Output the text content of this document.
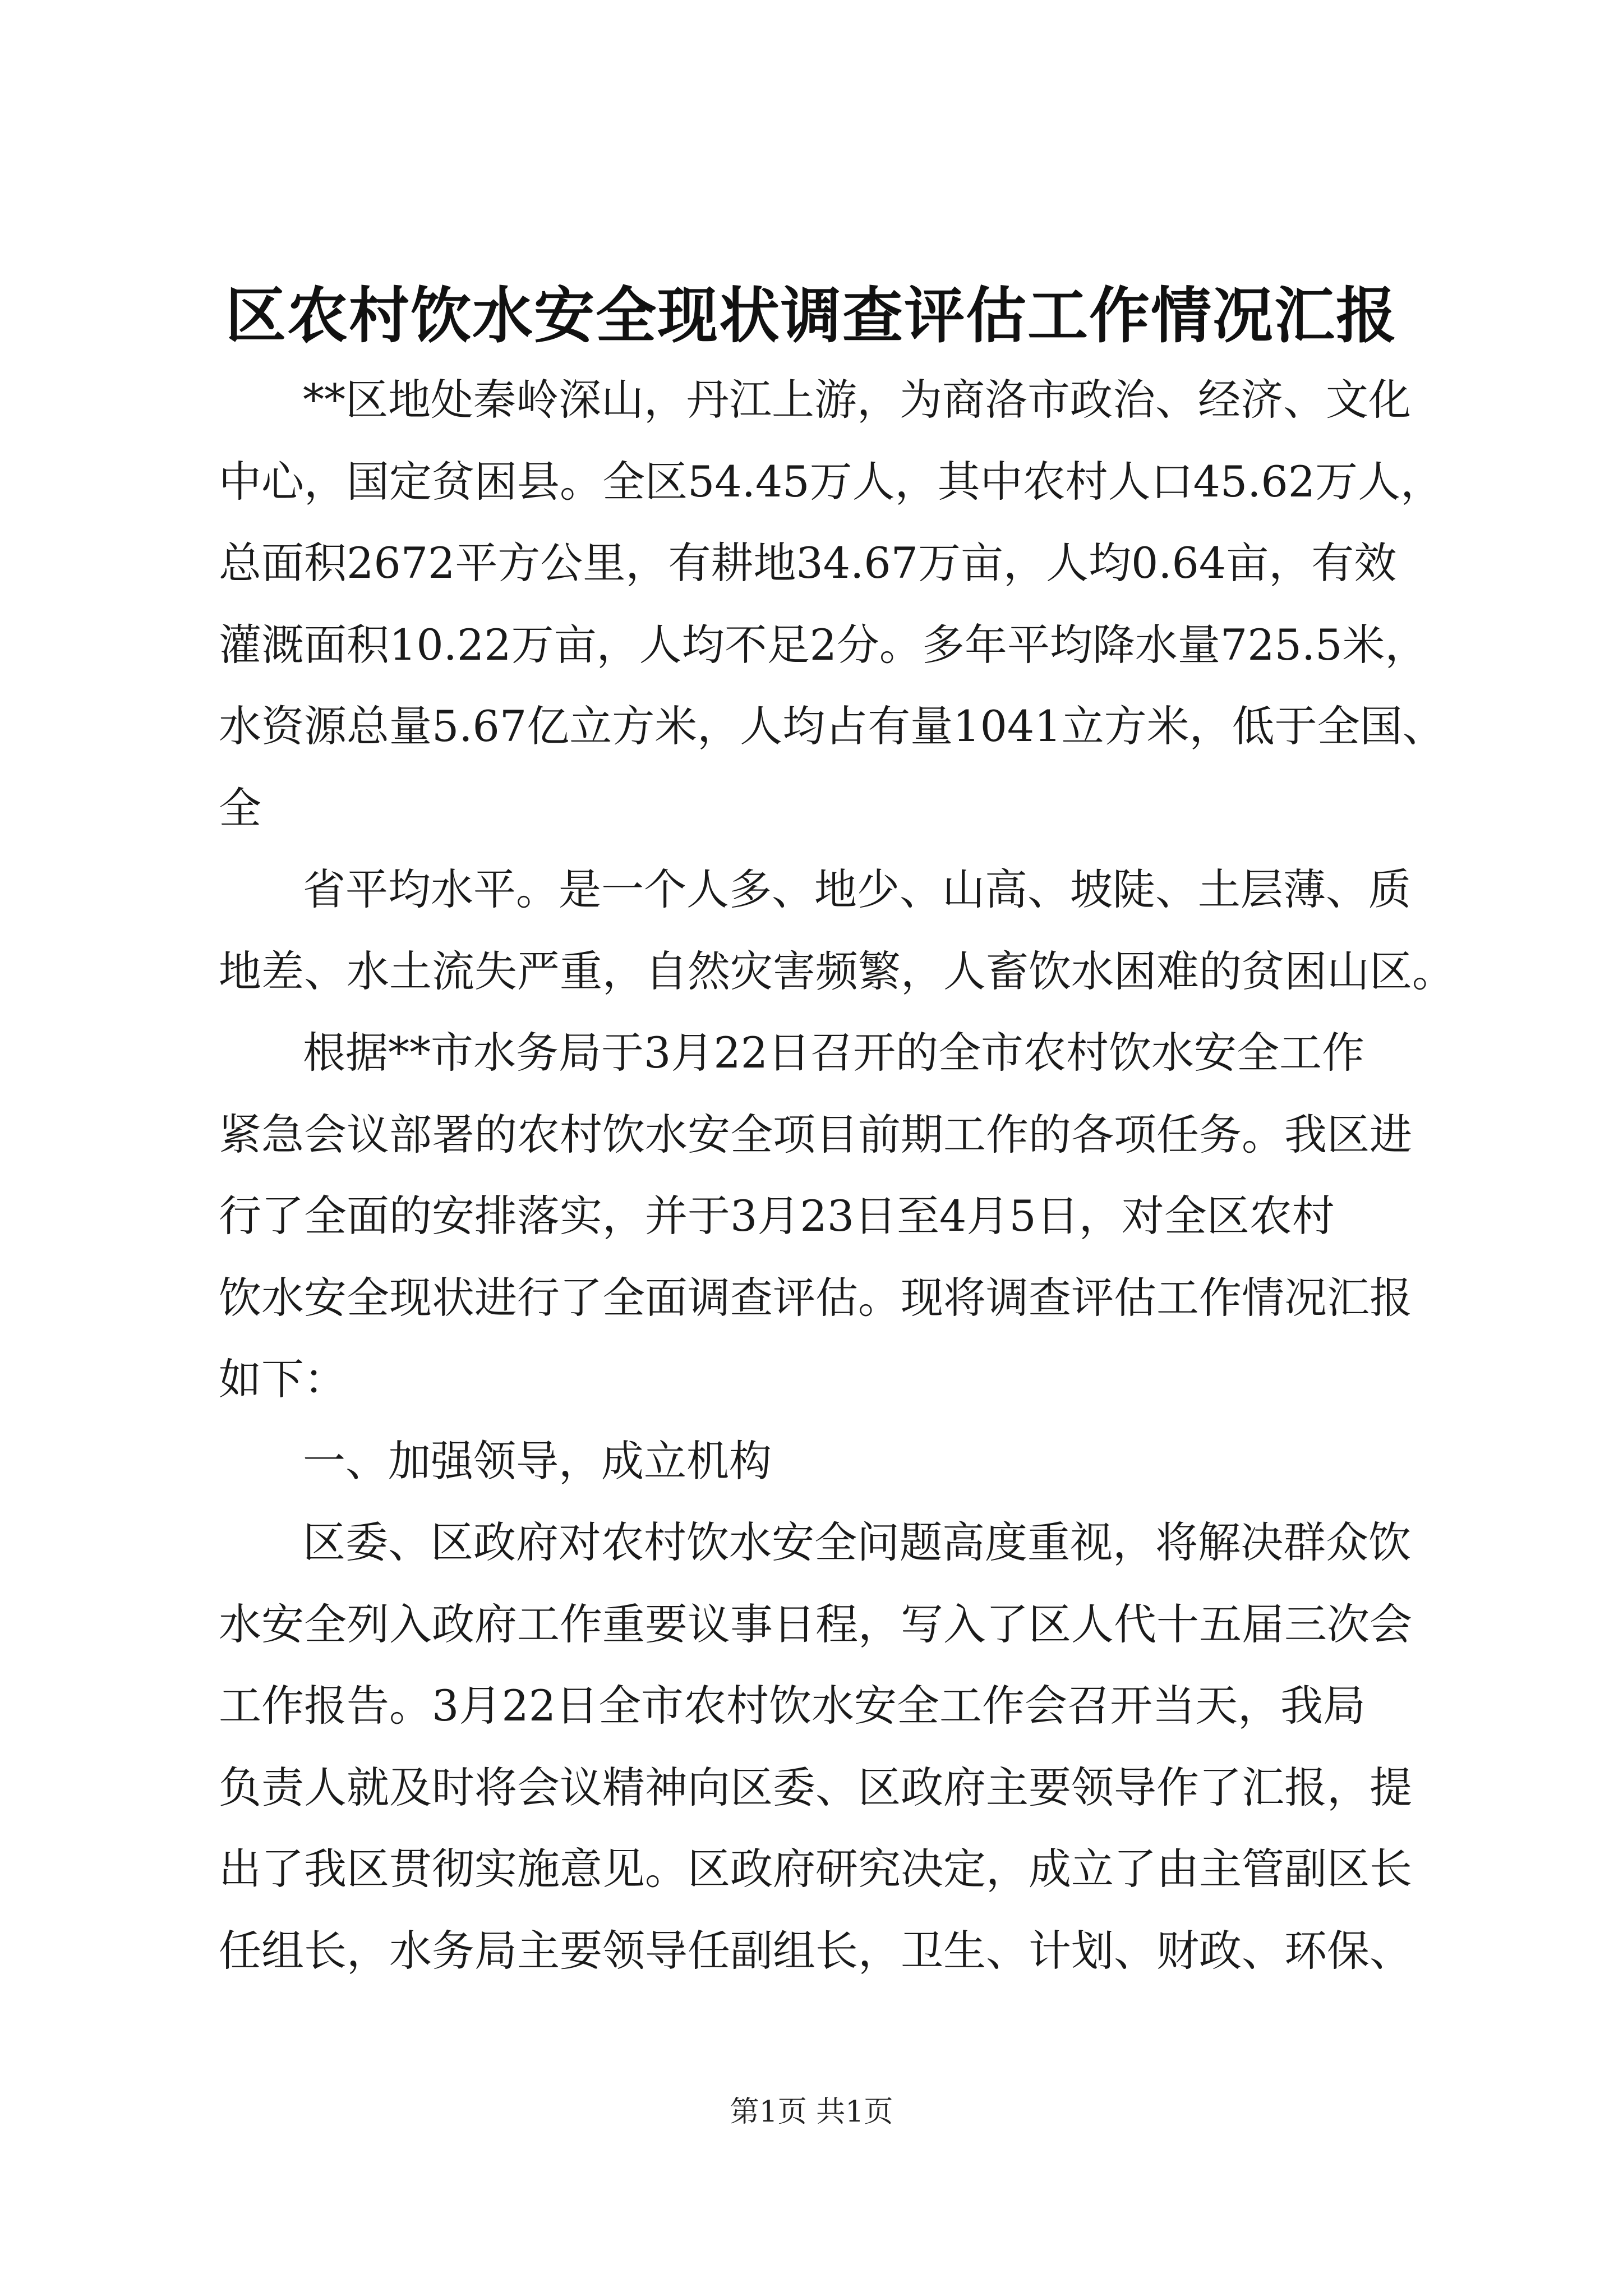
区农村饮水安全现状调查评估工作情况汇报
**区地处秦岭深山，丹江上游，为商洛市政治、经济、文化
中心，国定贫困县。全区54.45万人，其中农村人口45.62万人，
总面积2672平方公里，有耕地34.67万亩，人均0.64亩，有效
灌溉面积10.22万亩，人均不足2分。多年平均降水量725.5米，
水资源总量5.67亿立方米，人均占有量1041立方米，低于全国、
全
省平均水平。是一个人多、地少、山高、坡陡、土层薄、质
地差、水土流失严重，自然灾害频繁，人畜饮水困难的贫困山区。
根据**市水务局于3月22日召开的全市农村饮水安全工作
紧急会议部署的农村饮水安全项目前期工作的各项任务。我区进
行了全面的安排落实，并于3月23日至4月5日，对全区农村
饮水安全现状进行了全面调查评估。现将调查评估工作情况汇报
如下：
一、加强领导，成立机构
区委、区政府对农村饮水安全问题高度重视，将解决群众饮
水安全列入政府工作重要议事日程，写入了区人代十五届三次会
工作报告。3月22日全市农村饮水安全工作会召开当天，我局
负责人就及时将会议精神向区委、区政府主要领导作了汇报，提
出了我区贯彻实施意见。区政府研究决定，成立了由主管副区长
任组长，水务局主要领导任副组长，卫生、计划、财政、环保、
第1页 共1页
